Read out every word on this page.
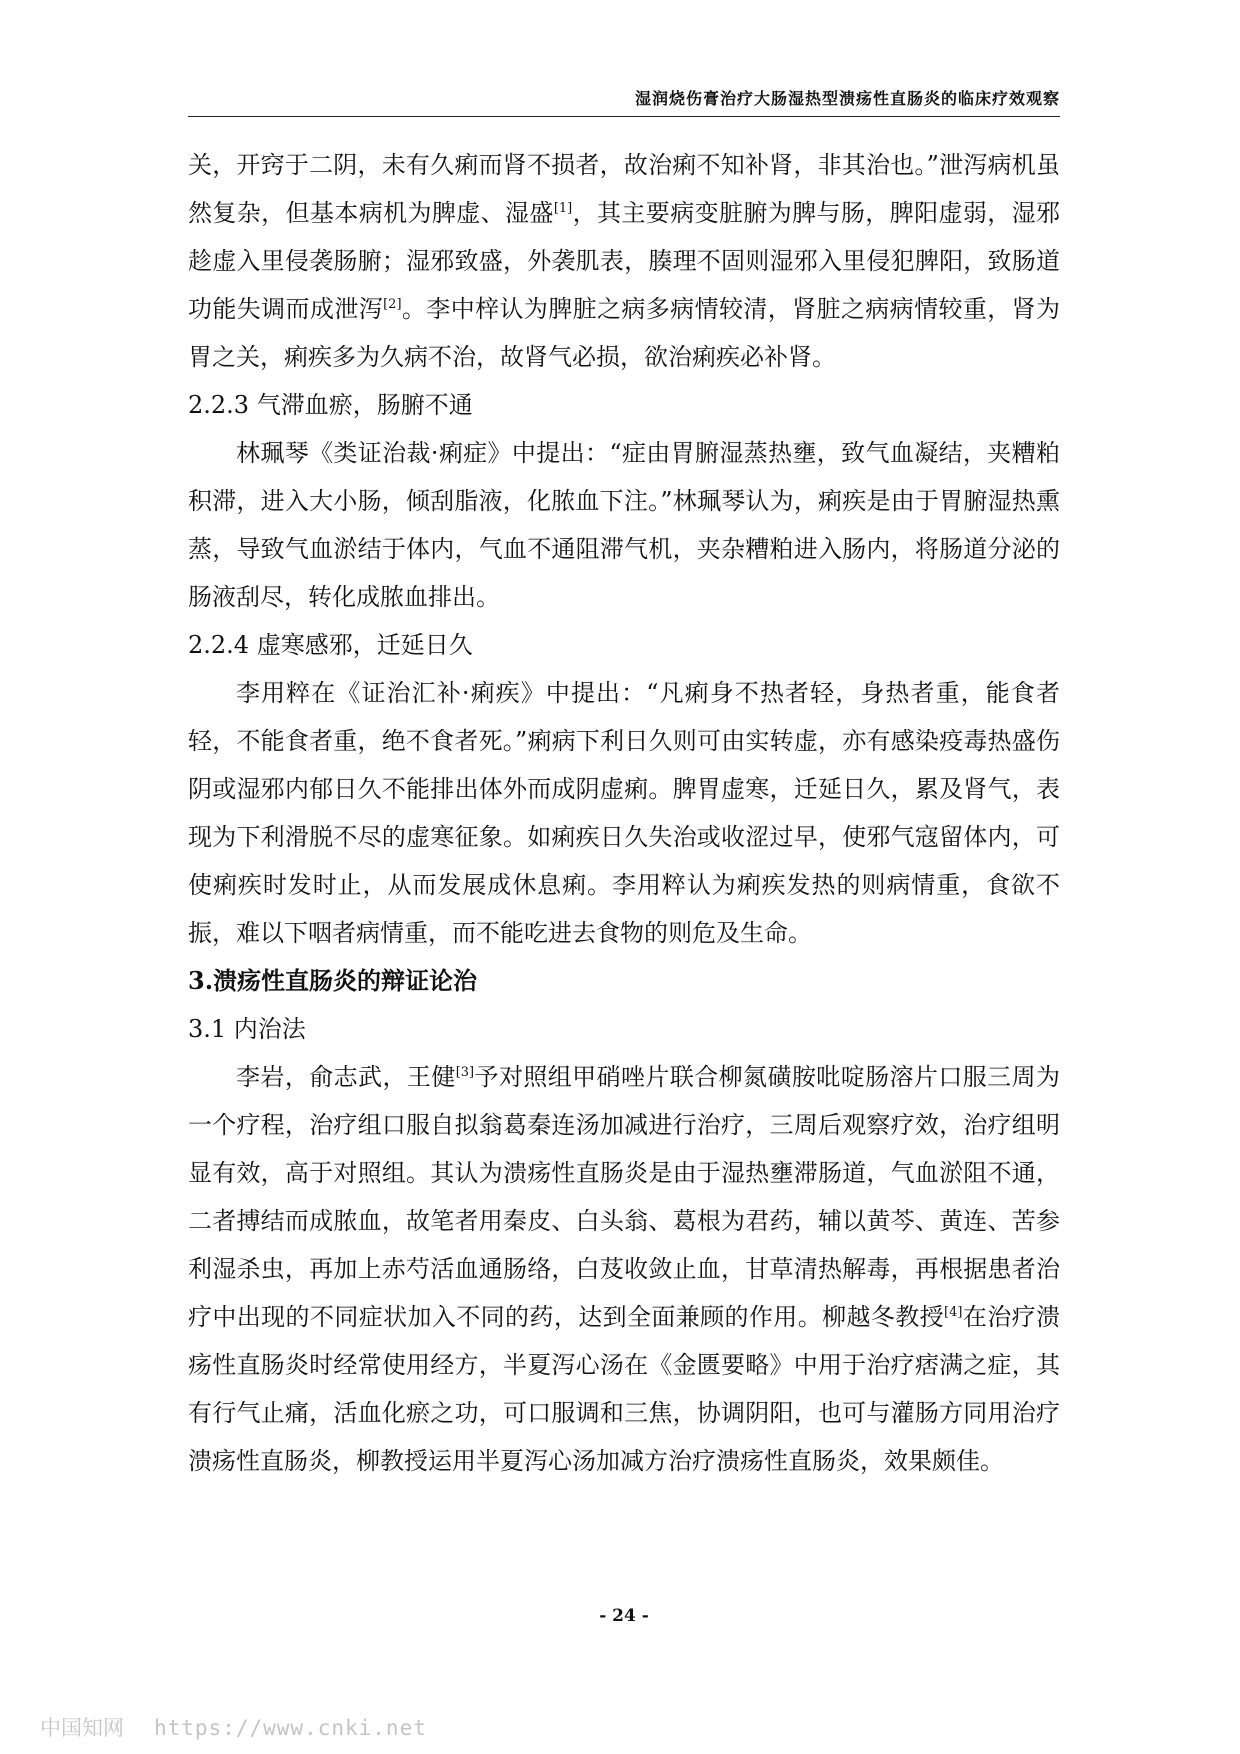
湿润烧伤膏治疗大肠湿热型溃疡性直肠炎的临床疗效观察

关，开窍于二阴，未有久痢而肾不损者，故治痢不知补肾，非其治也。”泄泻病机虽然复杂，但基本病机为脾虚、湿盛[1]，其主要病变脏腑为脾与肠，脾阳虚弱，湿邪趁虚入里侵袭肠腑；湿邪致盛，外袭肌表，腠理不固则湿邪入里侵犯脾阳，致肠道功能失调而成泄泻[2]。李中梓认为脾脏之病多病情较清，肾脏之病病情较重，肾为胃之关，痢疾多为久病不治，故肾气必损，欲治痢疾必补肾。

2.2.3 气滞血瘀，肠腑不通

林珮琴《类证治裁·痢症》中提出：“症由胃腑湿蒸热壅，致气血凝结，夹糟粕积滞，进入大小肠，倾刮脂液，化脓血下注。”林珮琴认为，痢疾是由于胃腑湿热熏蒸，导致气血淤结于体内，气血不通阻滞气机，夹杂糟粕进入肠内，将肠道分泌的肠液刮尽，转化成脓血排出。

2.2.4 虚寒感邪，迁延日久

李用粹在《证治汇补·痢疾》中提出：“凡痢身不热者轻，身热者重，能食者轻，不能食者重，绝不食者死。”痢病下利日久则可由实转虚，亦有感染疫毒热盛伤阴或湿邪内郁日久不能排出体外而成阴虚痢。脾胃虚寒，迁延日久，累及肾气，表现为下利滑脱不尽的虚寒征象。如痢疾日久失治或收涩过早，使邪气寇留体内，可使痢疾时发时止，从而发展成休息痢。李用粹认为痢疾发热的则病情重，食欲不振，难以下咽者病情重，而不能吃进去食物的则危及生命。

3.溃疡性直肠炎的辩证论治
3.1 内治法

李岩，俞志武，王健[3]予对照组甲硝唑片联合柳氮磺胺吡啶肠溶片口服三周为一个疗程，治疗组口服自拟翁葛秦连汤加减进行治疗，三周后观察疗效，治疗组明显有效，高于对照组。其认为溃疡性直肠炎是由于湿热壅滞肠道，气血淤阻不通，二者搏结而成脓血，故笔者用秦皮、白头翁、葛根为君药，辅以黄芩、黄连、苦参利湿杀虫，再加上赤芍活血通肠络，白芨收敛止血，甘草清热解毒，再根据患者治疗中出现的不同症状加入不同的药，达到全面兼顾的作用。柳越冬教授[4]在治疗溃疡性直肠炎时经常使用经方，半夏泻心汤在《金匮要略》中用于治疗痞满之症，其有行气止痛，活血化瘀之功，可口服调和三焦，协调阴阳，也可与灌肠方同用治疗溃疡性直肠炎，柳教授运用半夏泻心汤加减方治疗溃疡性直肠炎，效果颇佳。

- 24 -
中国知网 https://www.cnki.net
